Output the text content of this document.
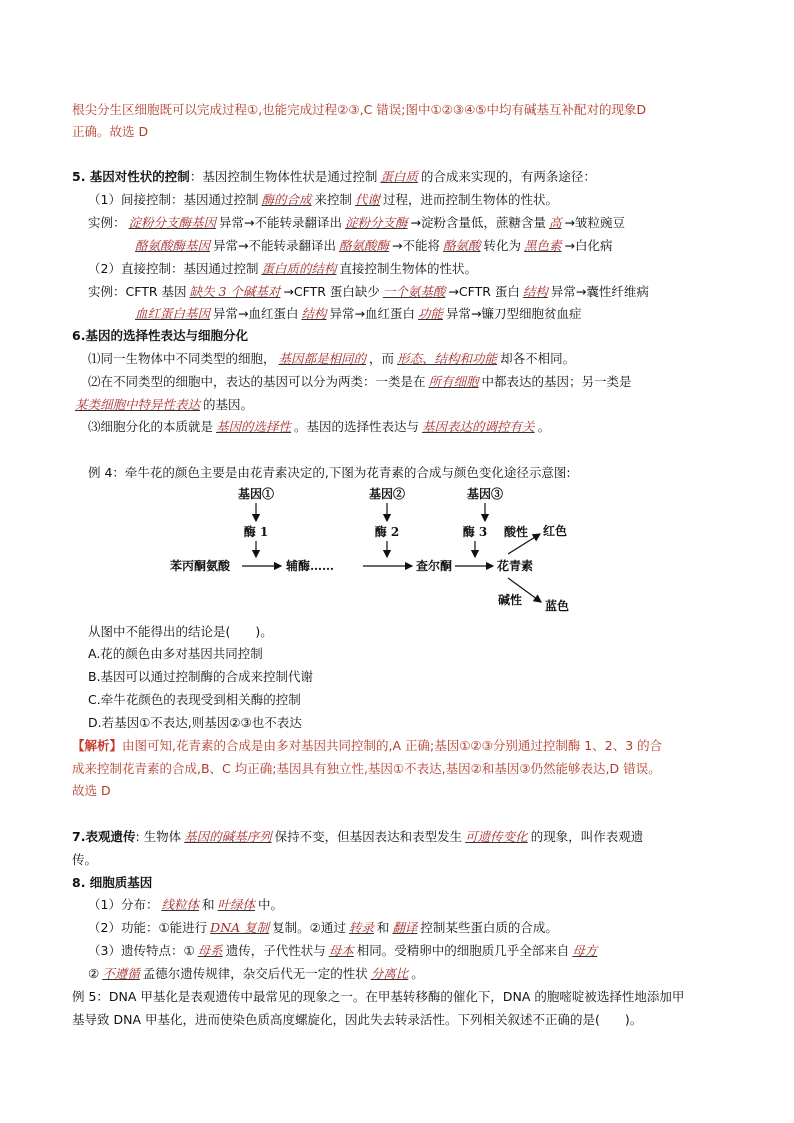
根尖分生区细胞既可以完成过程①,也能完成过程②③,C 错误;图中①②③④⑤中均有碱基互补配对的现象D
正确。故选 D
5. 基因对性状的控制：基因控制生物体性状是通过控制 蛋白质 的合成来实现的，有两条途径：
（1）间接控制：基因通过控制 酶的合成 来控制 代谢 过程，进而控制生物体的性状。
实例： 淀粉分支酶基因 异常→不能转录翻译出 淀粉分支酶 →淀粉含量低，蔗糖含量 高 →皱粒豌豆
酪氨酸酶基因 异常→不能转录翻译出 酪氨酸酶 →不能将 酪氨酸 转化为 黑色素 →白化病
（2）直接控制：基因通过控制 蛋白质的结构 直接控制生物体的性状。
实例：CFTR 基因 缺失 3 个碱基对 →CFTR 蛋白缺少 一个氨基酸 →CFTR 蛋白 结构 异常→囊性纤维病
血红蛋白基因 异常→血红蛋白 结构 异常→血红蛋白 功能 异常→镰刀型细胞贫血症
6.基因的选择性表达与细胞分化
⑴同一生物体中不同类型的细胞， 基因都是相同的 ，而 形态、结构和功能 却各不相同。
⑵在不同类型的细胞中，表达的基因可以分为两类：一类是在 所有细胞 中都表达的基因；另一类是
某类细胞中特异性表达 的基因。
⑶细胞分化的本质就是 基因的选择性 。基因的选择性表达与 基因表达的调控有关 。
例 4：牵牛花的颜色主要是由花青素决定的,下图为花青素的合成与颜色变化途径示意图:
基因①
酶 1
基因②
酶 2
基因③
酶 3
苯丙酮氨酸	辅酶……	查尔酮	花青素
酸性 红色
碱性 蓝色
从图中不能得出的结论是(　　)。
A.花的颜色由多对基因共同控制
B.基因可以通过控制酶的合成来控制代谢
C.牵牛花颜色的表现受到相关酶的控制
D.若基因①不表达,则基因②③也不表达
【解析】由图可知,花青素的合成是由多对基因共同控制的,A 正确;基因①②③分别通过控制酶 1、2、3 的合
成来控制花青素的合成,B、C 均正确;基因具有独立性,基因①不表达,基因②和基因③仍然能够表达,D 错误。
故选 D
7.表观遗传: 生物体 基因的碱基序列 保持不变，但基因表达和表型发生 可遗传变化 的现象，叫作表观遗
传。
8. 细胞质基因
（1）分布： 线粒体 和 叶绿体 中。
（2）功能：①能进行 DNA 复制 复制。②通过 转录 和 翻译 控制某些蛋白质的合成。
（3）遗传特点：① 母系 遗传，子代性状与 母本 相同。受精卵中的细胞质几乎全部来自 母方
② 不遵循 孟德尔遗传规律，杂交后代无一定的性状 分离比 。
例 5：DNA 甲基化是表观遗传中最常见的现象之一。在甲基转移酶的催化下，DNA 的胞嘧啶被选择性地添加甲
基导致 DNA 甲基化，进而使染色质高度螺旋化，因此失去转录活性。下列相关叙述不正确的是(　　)。
